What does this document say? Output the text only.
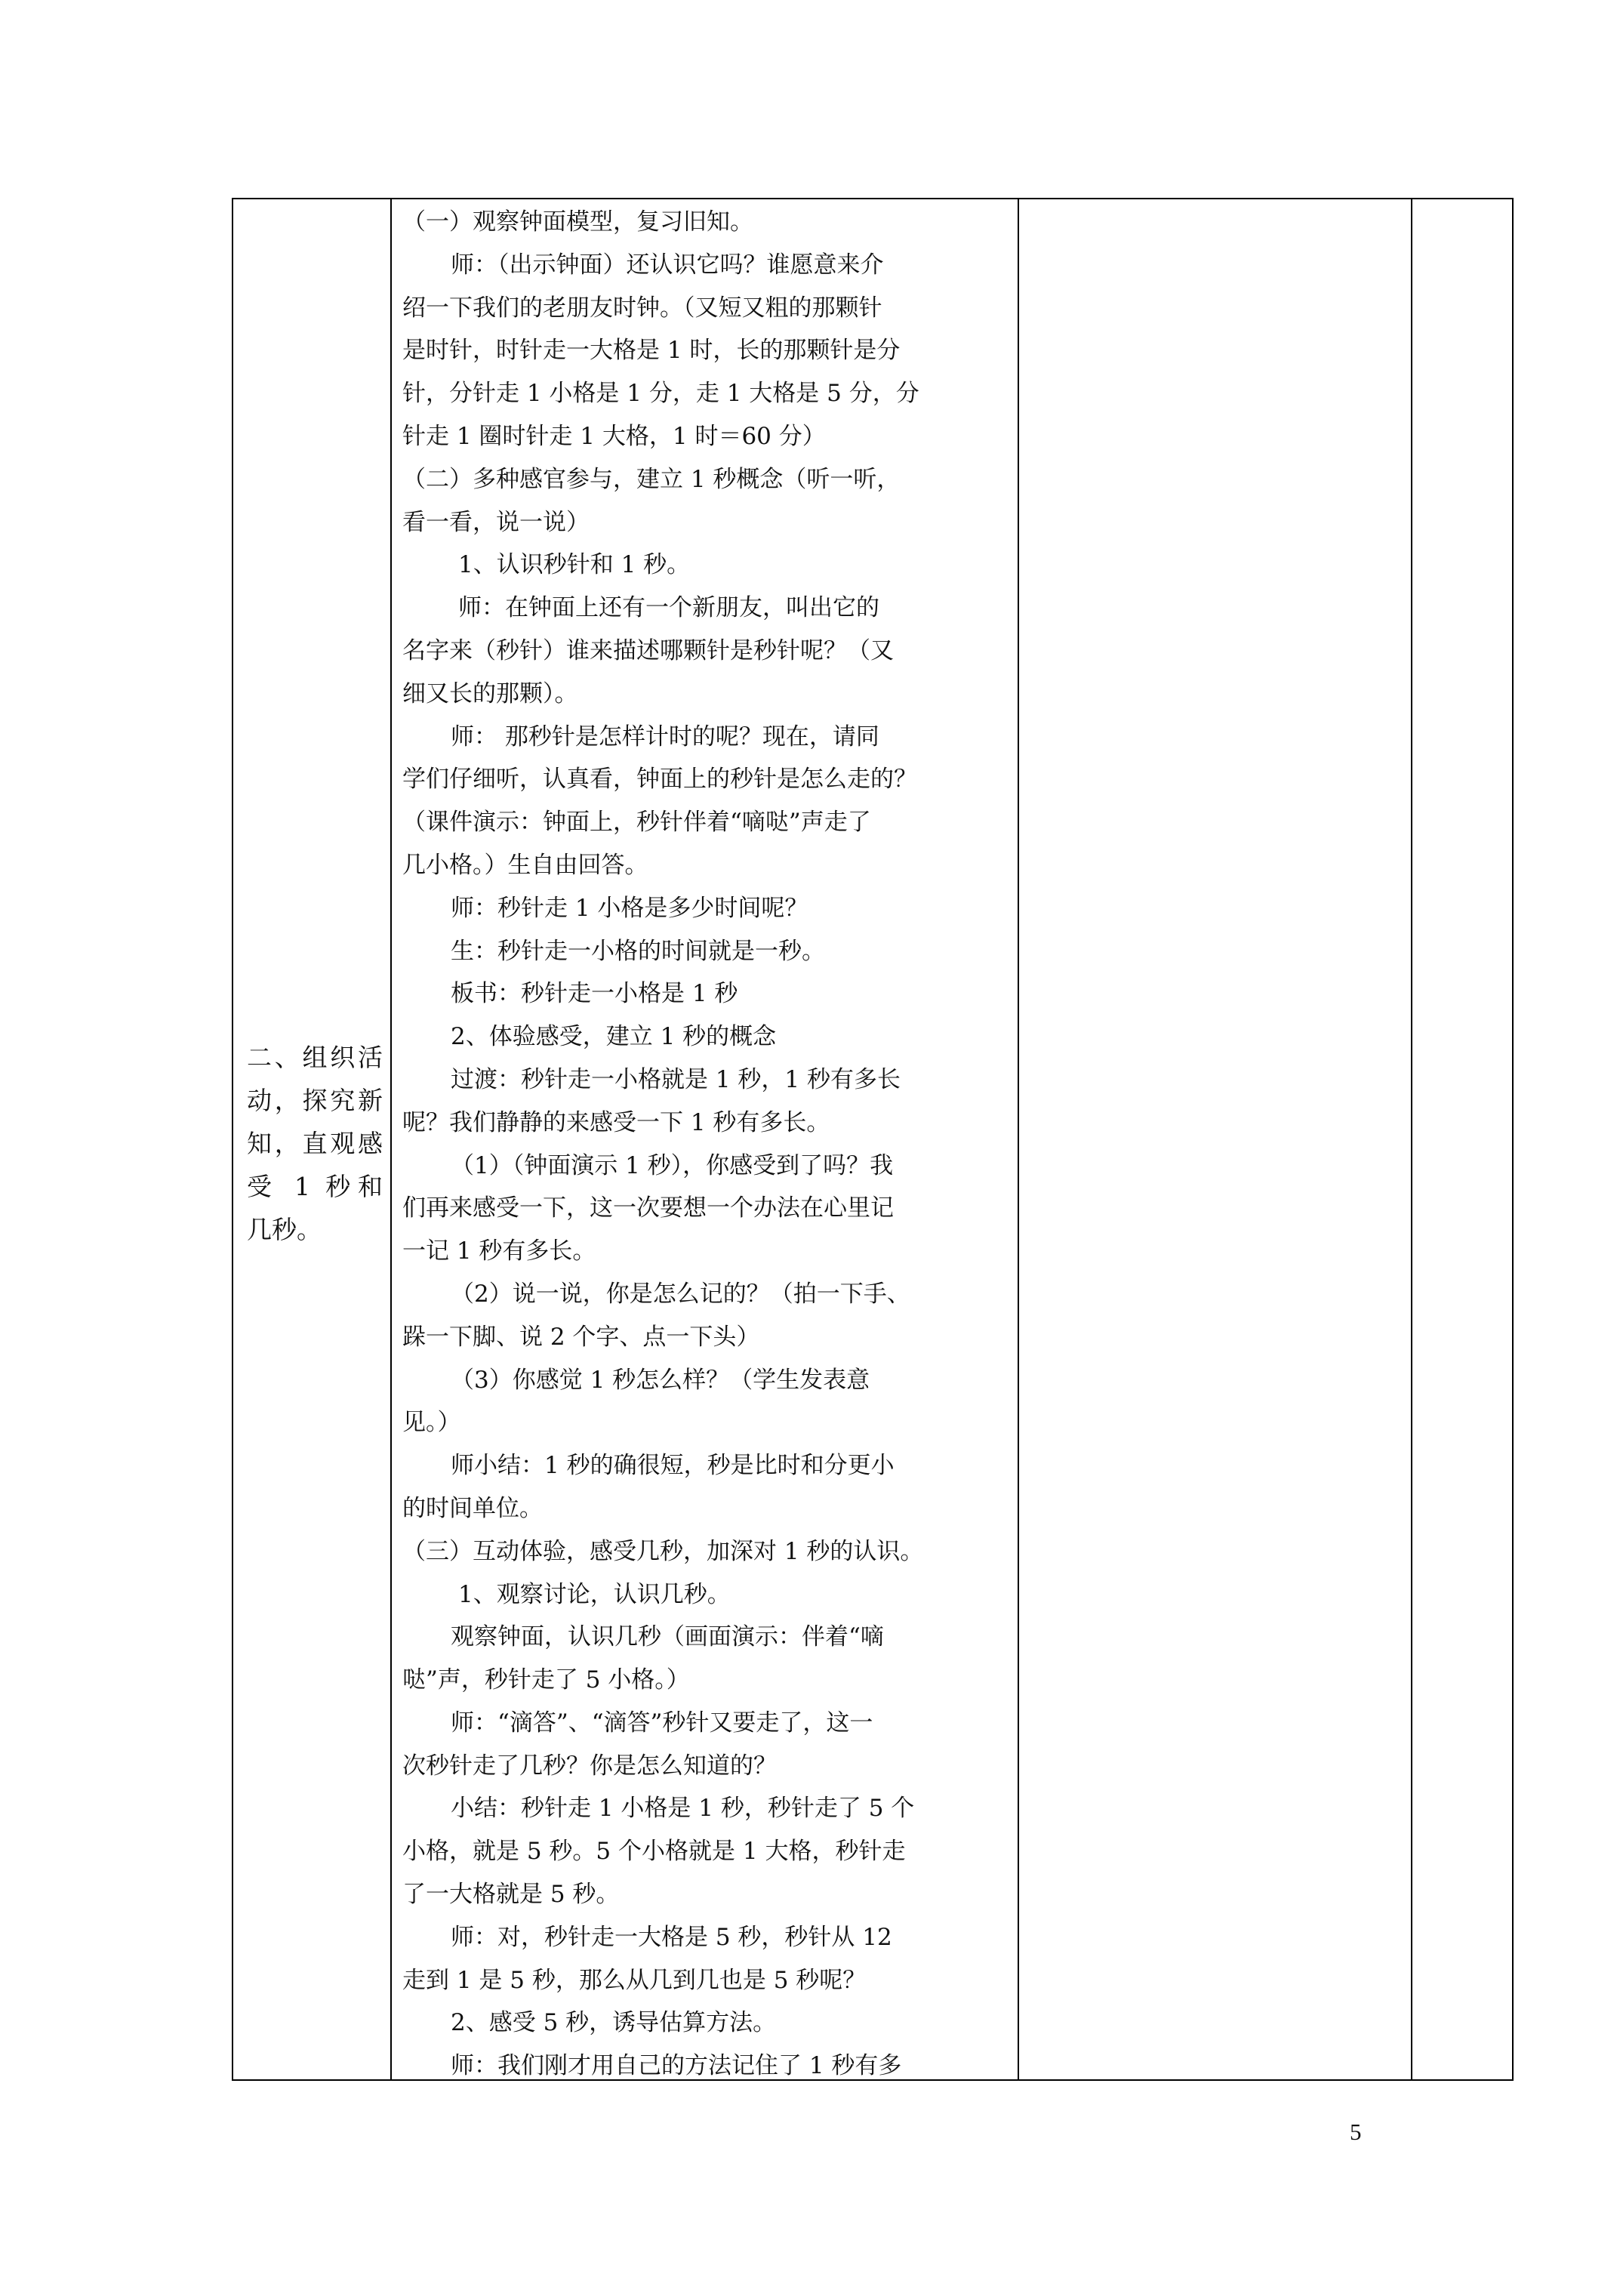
二、组织活
动，探究新
知，直观感
受 1 秒和
几秒。
（一）观察钟面模型，复习旧知。
师：（出示钟面）还认识它吗？谁愿意来介
绍一下我们的老朋友时钟。（又短又粗的那颗针
是时针，时针走一大格是 1 时，长的那颗针是分
针，分针走 1 小格是 1 分，走 1 大格是 5 分，分
针走 1 圈时针走 1 大格，1 时＝60 分）
（二）多种感官参与，建立 1 秒概念（听一听，
看一看，说一说）
1、认识秒针和 1 秒。
师：在钟面上还有一个新朋友，叫出它的
名字来（秒针）谁来描述哪颗针是秒针呢？（又
细又长的那颗）。
师： 那秒针是怎样计时的呢？现在，请同
学们仔细听，认真看，钟面上的秒针是怎么走的？
（课件演示：钟面上，秒针伴着“嘀哒”声走了
几小格。）生自由回答。
师：秒针走 1 小格是多少时间呢？
生：秒针走一小格的时间就是一秒。
板书：秒针走一小格是 1 秒
2、体验感受，建立 1 秒的概念
过渡：秒针走一小格就是 1 秒，1 秒有多长
呢？我们静静的来感受一下 1 秒有多长。
（1）（钟面演示 1 秒），你感受到了吗？我
们再来感受一下，这一次要想一个办法在心里记
一记 1 秒有多长。
（2）说一说，你是怎么记的？（拍一下手、
跺一下脚、说 2 个字、点一下头）
（3）你感觉 1 秒怎么样？（学生发表意
见。）
师小结：1 秒的确很短，秒是比时和分更小
的时间单位。
（三）互动体验，感受几秒，加深对 1 秒的认识。
1、观察讨论，认识几秒。
观察钟面，认识几秒（画面演示：伴着“嘀
哒”声，秒针走了 5 小格。）
师：“滴答”、“滴答”秒针又要走了，这一
次秒针走了几秒？你是怎么知道的？
小结：秒针走 1 小格是 1 秒，秒针走了 5 个
小格，就是 5 秒。5 个小格就是 1 大格，秒针走
了一大格就是 5 秒。
师：对，秒针走一大格是 5 秒，秒针从 12
走到 1 是 5 秒，那么从几到几也是 5 秒呢？
2、感受 5 秒，诱导估算方法。
师：我们刚才用自己的方法记住了 1 秒有多
5
